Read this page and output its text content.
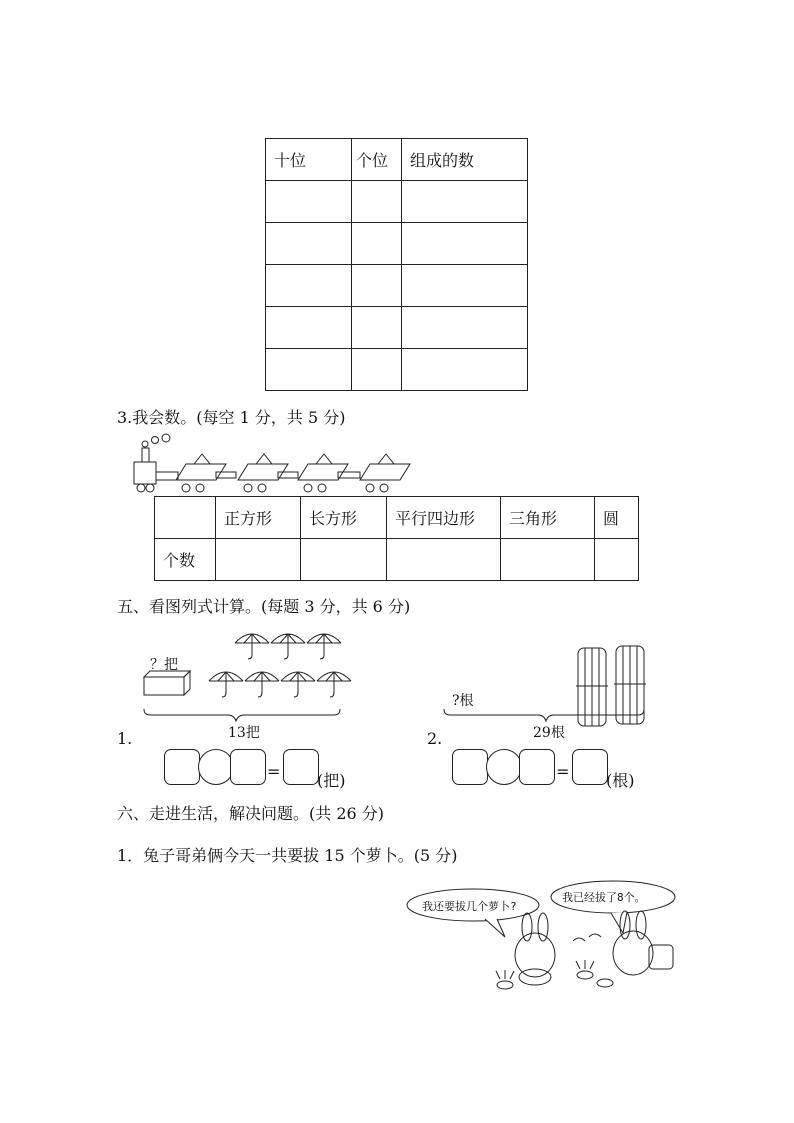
十位	个位	组成的数

3.我会数。(每空 1 分，共 5 分)
	正方形	长方形	平行四边形	三角形	圆
个数					
五、看图列式计算。(每题 3 分，共 6 分)
？把
13把
1.
= (把)
?根
29根
2.
= (根)
六、走进生活，解决问题。(共 26 分)
1．兔子哥弟俩今天一共要拔 15 个萝卜。(5 分)
我还要拔几个萝卜?
我已经拔了8个。
